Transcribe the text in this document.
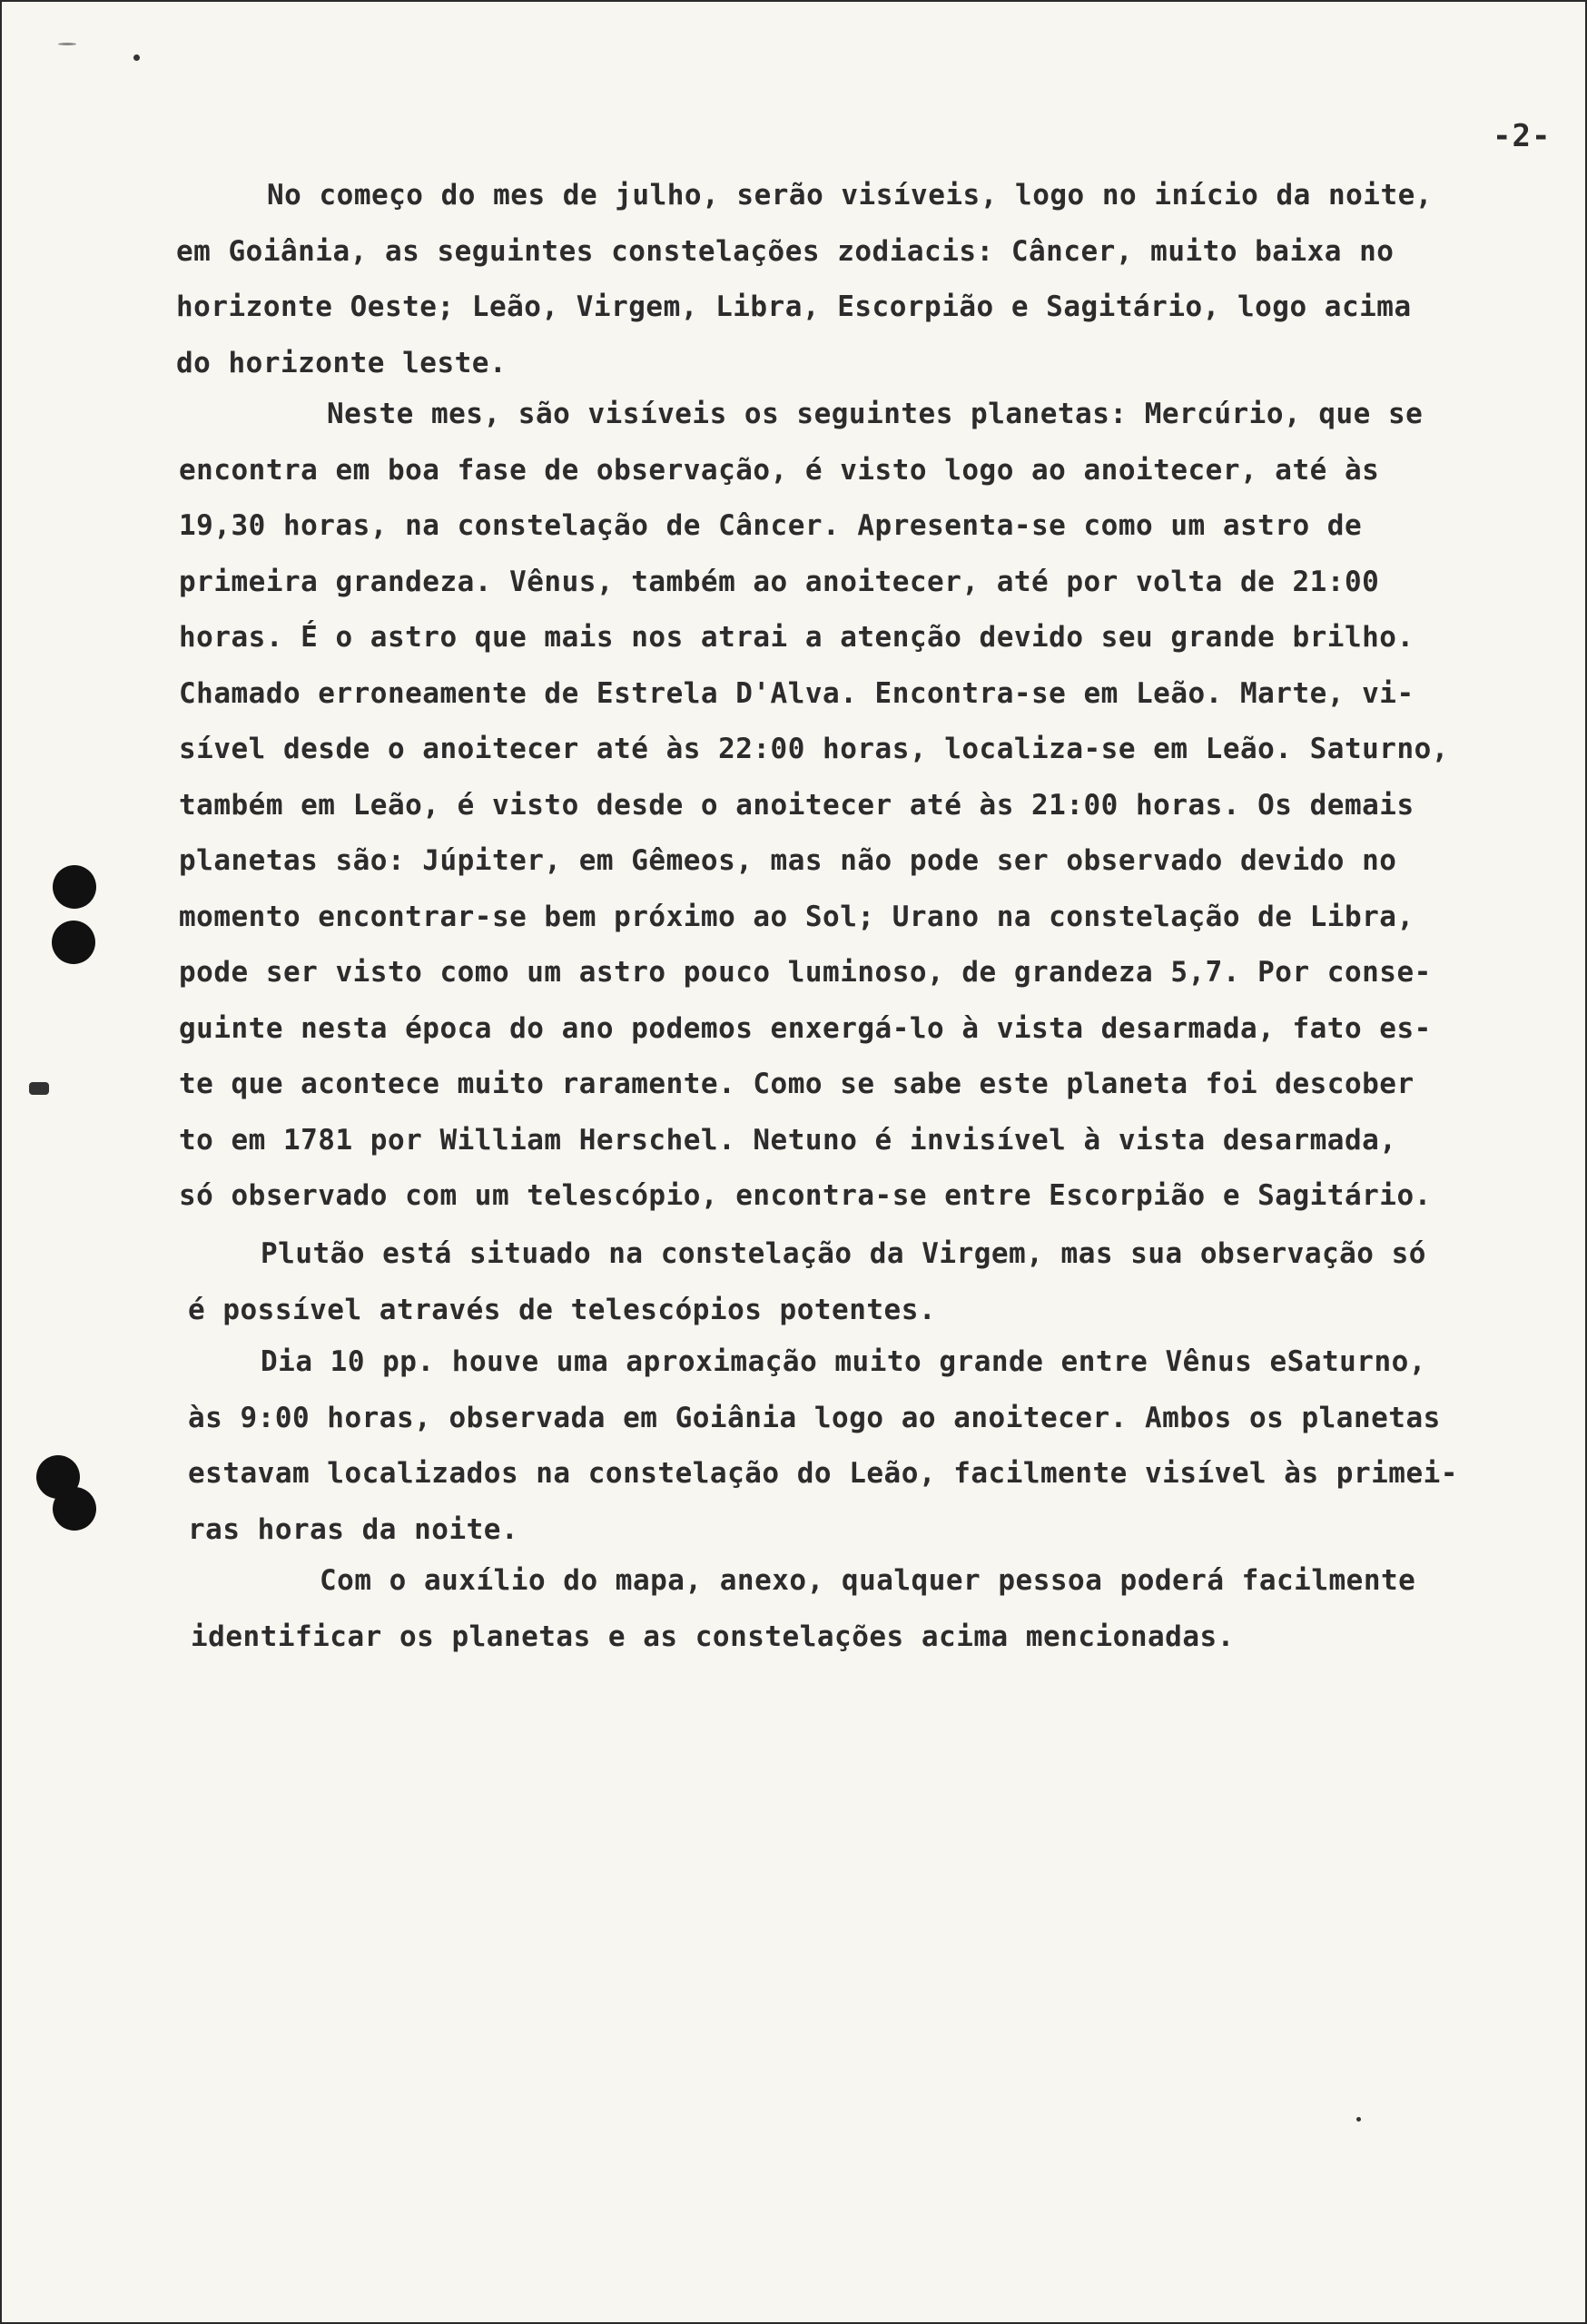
-2-
No começo do mes de julho, serão visíveis, logo no início da noite,
em Goiânia, as seguintes constelações zodiacis: Câncer, muito baixa no
horizonte Oeste; Leão, Virgem, Libra, Escorpião e Sagitário, logo acima
do horizonte leste.
Neste mes, são visíveis os seguintes planetas: Mercúrio, que se
encontra em boa fase de observação, é visto logo ao anoitecer, até às
19,30 horas, na constelação de Câncer. Apresenta-se como um astro de
primeira grandeza. Vênus, também ao anoitecer, até por volta de 21:00
horas. É o astro que mais nos atrai a atenção devido seu grande brilho.
Chamado erroneamente de Estrela D'Alva. Encontra-se em Leão. Marte, vi-
sível desde o anoitecer até às 22:00 horas, localiza-se em Leão. Saturno,
também em Leão, é visto desde o anoitecer até às 21:00 horas. Os demais
planetas são: Júpiter, em Gêmeos, mas não pode ser observado devido no
momento encontrar-se bem próximo ao Sol; Urano na constelação de Libra,
pode ser visto como um astro pouco luminoso, de grandeza 5,7. Por conse-
guinte nesta época do ano podemos enxergá-lo à vista desarmada, fato es-
te que acontece muito raramente. Como se sabe este planeta foi descober
to em 1781 por William Herschel. Netuno é invisível à vista desarmada,
só observado com um telescópio, encontra-se entre Escorpião e Sagitário.
Plutão está situado na constelação da Virgem, mas sua observação só
é possível através de telescópios potentes.
Dia 10 pp. houve uma aproximação muito grande entre Vênus eSaturno,
às 9:00 horas, observada em Goiânia logo ao anoitecer. Ambos os planetas
estavam localizados na constelação do Leão, facilmente visível às primei-
ras horas da noite.
Com o auxílio do mapa, anexo, qualquer pessoa poderá facilmente
identificar os planetas e as constelações acima mencionadas.
